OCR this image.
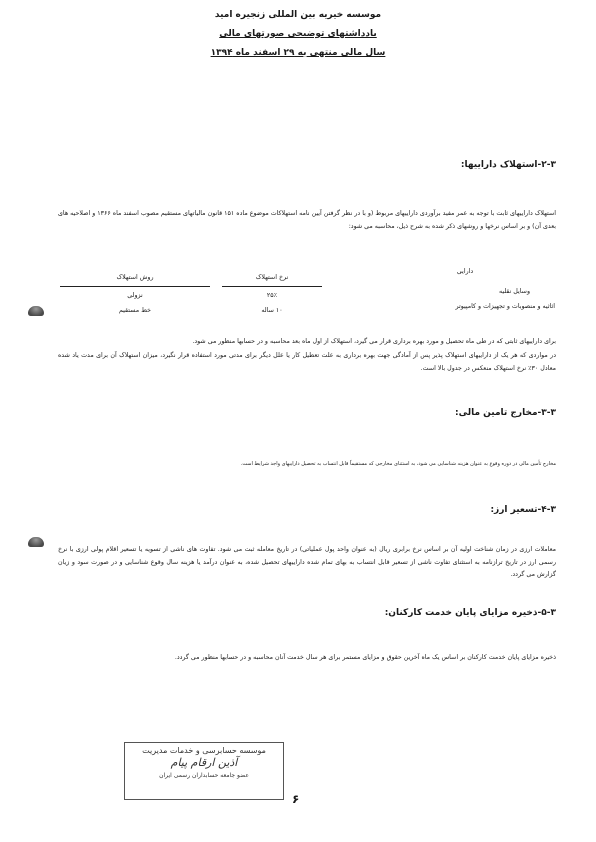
موسسه خیریه بین المللی زنجیره امید
یادداشتهای توضیحی صورتهای مالی
سال مالی منتهی به ۲۹ اسفند ماه ۱۳۹۴
۲-۳-استهلاک داراییها:
استهلاک داراییهای ثابت با توجه به عمر مفید برآوردی داراییهای مربوط (و با در نظر گرفتن آیین نامه استهلاکات موضوع ماده ۱۵۱ قانون مالیاتهای مستقیم مصوب اسفند ماه ۱۳۶۶ و اصلاحیه های بعدی آن) و بر اساس نرخها و روشهای ذکر شده به شرح ذیل، محاسبه می شود:
دارایی
نرخ استهلاک
روش استهلاک
وسایل نقلیه
۲۵٪
نزولی
اثاثیه و منصوبات و تجهیزات و کامپیوتر
۱۰ ساله
خط مستقیم
برای داراییهای ثابتی که در طی ماه تحصیل و مورد بهره برداری قرار می گیرد، استهلاک از اول ماه بعد محاسبه و در حسابها منظور می شود.
در مواردی که هر یک از داراییهای استهلاک پذیر پس از آمادگی جهت بهره برداری به علت تعطیل کار یا علل دیگر برای مدتی مورد استفاده قرار نگیرد، میزان استهلاک آن برای مدت یاد شده معادل ۳۰٪ نرخ استهلاک منعکس در جدول بالا است.
۳-۳-مخارج تامین مالی:
مخارج تأمین مالی در دوره وقوع به عنوان هزینه شناسایی می شود، به استثنای مخارجی که مستقیماً قابل انتساب به تحصیل داراییهای واجد شرایط است.
۴-۳-تسعیر ارز:
معاملات ارزی در زمان شناخت اولیه آن بر اساس نرخ برابری ریال (به عنوان واحد پول عملیاتی) در تاریخ معامله ثبت می شود. تفاوت های ناشی از تسویه یا تسعیر اقلام پولی ارزی با نرخ رسمی ارز در تاریخ ترازنامه به استثنای تفاوت ناشی از تسعیر قابل انتساب به بهای تمام شده داراییهای تحصیل شده، به عنوان درآمد یا هزینه سال وقوع شناسایی و در صورت سود و زیان گزارش می گردد.
۵-۳-ذخیره مزایای پایان خدمت کارکنان:
ذخیره مزایای پایان خدمت کارکنان بر اساس یک ماه آخرین حقوق و مزایای مستمر برای هر سال خدمت آنان محاسبه و در حسابها منظور می گردد.
موسسه حسابرسی و خدمات مدیریت
آذین ارقام پیام
عضو جامعه حسابداران رسمی ایران
۶
